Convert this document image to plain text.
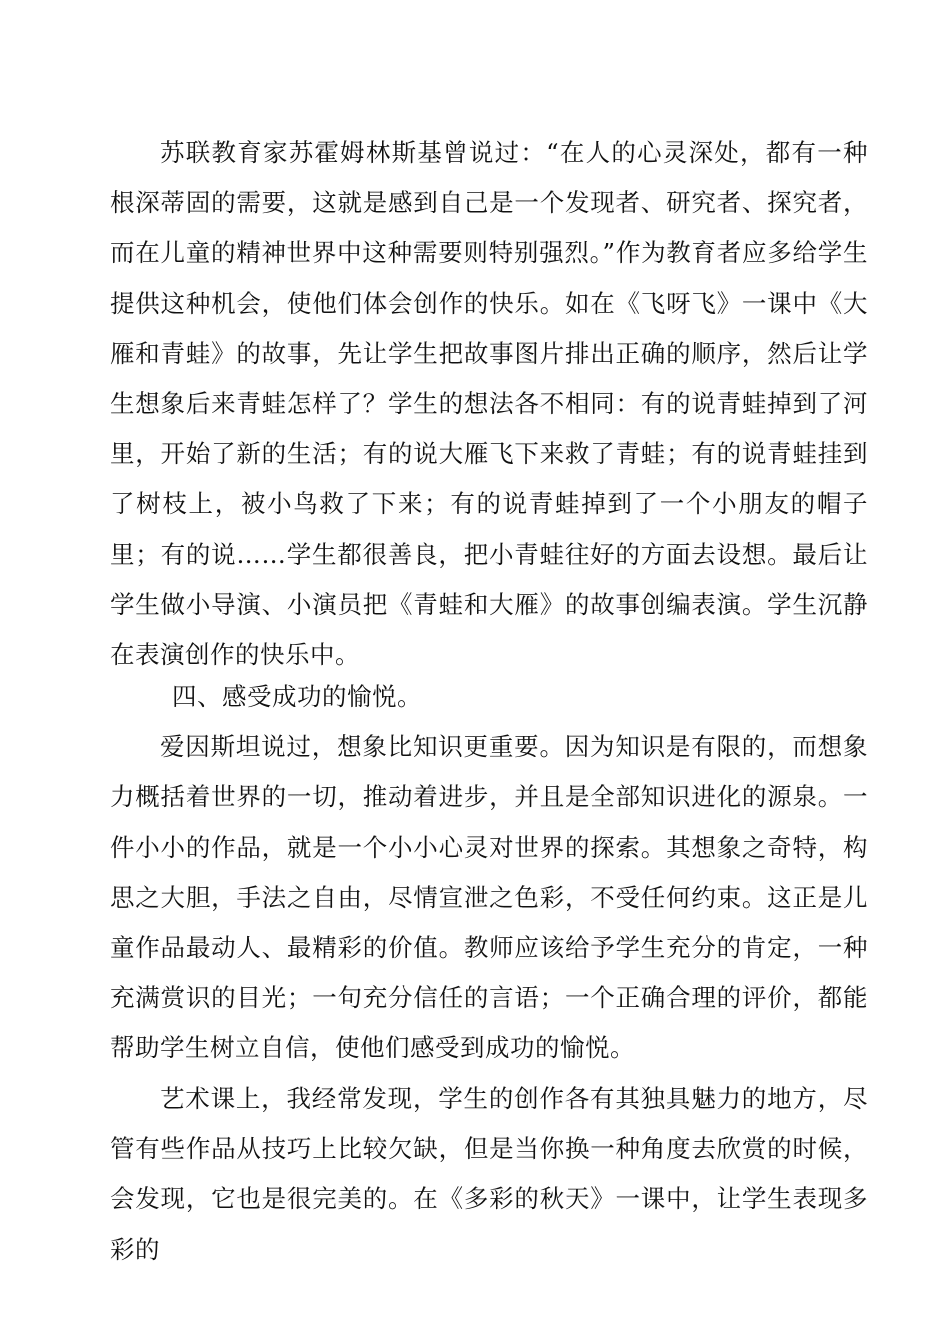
苏联教育家苏霍姆林斯基曾说过：“在人的心灵深处，都有一种根深蒂固的需要，这就是感到自己是一个发现者、研究者、探究者，而在儿童的精神世界中这种需要则特别强烈。”作为教育者应多给学生提供这种机会，使他们体会创作的快乐。如在《飞呀飞》一课中《大雁和青蛙》的故事，先让学生把故事图片排出正确的顺序，然后让学生想象后来青蛙怎样了？学生的想法各不相同：有的说青蛙掉到了河里，开始了新的生活；有的说大雁飞下来救了青蛙；有的说青蛙挂到了树枝上，被小鸟救了下来；有的说青蛙掉到了一个小朋友的帽子里；有的说……学生都很善良，把小青蛙往好的方面去设想。最后让学生做小导演、小演员把《青蛙和大雁》的故事创编表演。学生沉静在表演创作的快乐中。

四、感受成功的愉悦。

爱因斯坦说过，想象比知识更重要。因为知识是有限的，而想象力概括着世界的一切，推动着进步，并且是全部知识进化的源泉。一件小小的作品，就是一个小小心灵对世界的探索。其想象之奇特，构思之大胆，手法之自由，尽情宣泄之色彩，不受任何约束。这正是儿童作品最动人、最精彩的价值。教师应该给予学生充分的肯定，一种充满赏识的目光；一句充分信任的言语；一个正确合理的评价，都能帮助学生树立自信，使他们感受到成功的愉悦。

艺术课上，我经常发现，学生的创作各有其独具魅力的地方，尽管有些作品从技巧上比较欠缺，但是当你换一种角度去欣赏的时候，会发现，它也是很完美的。在《多彩的秋天》一课中，让学生表现多彩的
